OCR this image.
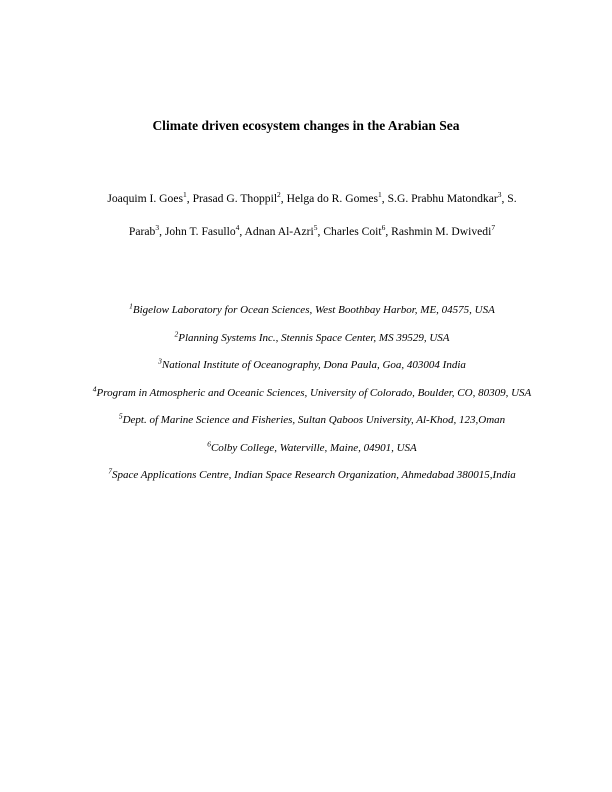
Climate driven ecosystem changes in the Arabian Sea
Joaquim I. Goes$^1$, Prasad G. Thoppil$^2$, Helga do R. Gomes$^1$, S.G. Prabhu Matondkar$^3$, S. Parab$^3$, John T. Fasullo$^4$, Adnan Al-Azri$^5$, Charles Coit$^6$, Rashmin M. Dwivedi$^7$
$^1$Bigelow Laboratory for Ocean Sciences, West Boothbay Harbor, ME, 04575, USA
$^2$Planning Systems Inc., Stennis Space Center, MS 39529, USA
$^3$National Institute of Oceanography, Dona Paula, Goa, 403004 India
$^4$Program in Atmospheric and Oceanic Sciences, University of Colorado, Boulder, CO, 80309, USA
$^5$Dept. of Marine Science and Fisheries, Sultan Qaboos University, Al-Khod, 123,Oman
$^6$Colby College, Waterville, Maine, 04901, USA
$^7$Space Applications Centre, Indian Space Research Organization, Ahmedabad 380015,India
